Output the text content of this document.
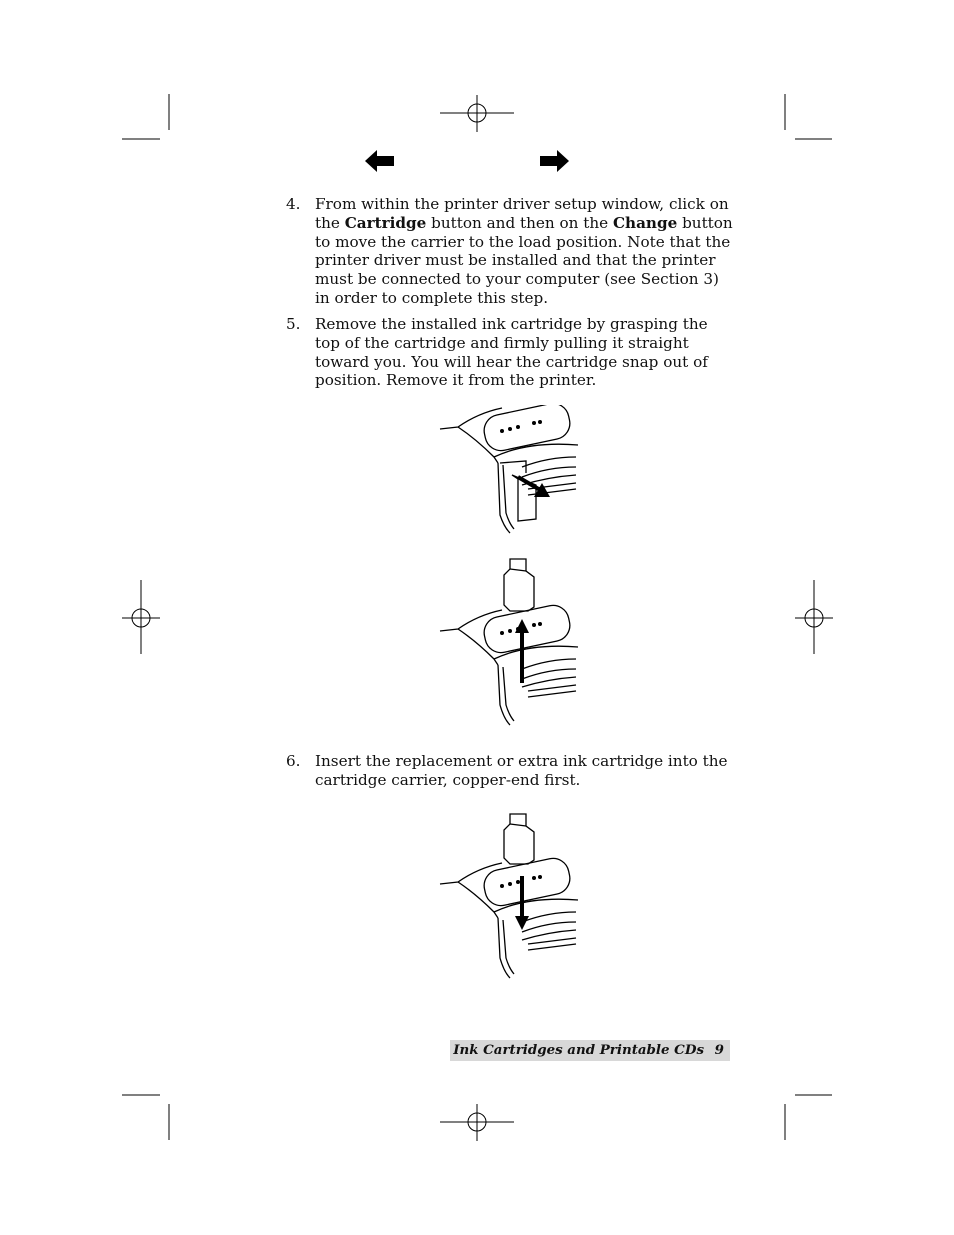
4. From within the printer driver setup window, click on the Cartridge button and then on the Change button to move the carrier to the load position. Note that the printer driver must be installed and that the printer must be connected to your computer (see Section 3) in order to complete this step.
5. Remove the installed ink cartridge by grasping the top of the cartridge and firmly pulling it straight toward you. You will hear the cartridge snap out of position. Remove it from the printer.
6. Insert the replacement or extra ink cartridge into the cartridge carrier, copper-end first.
Ink Cartridges and Printable CDs 9
